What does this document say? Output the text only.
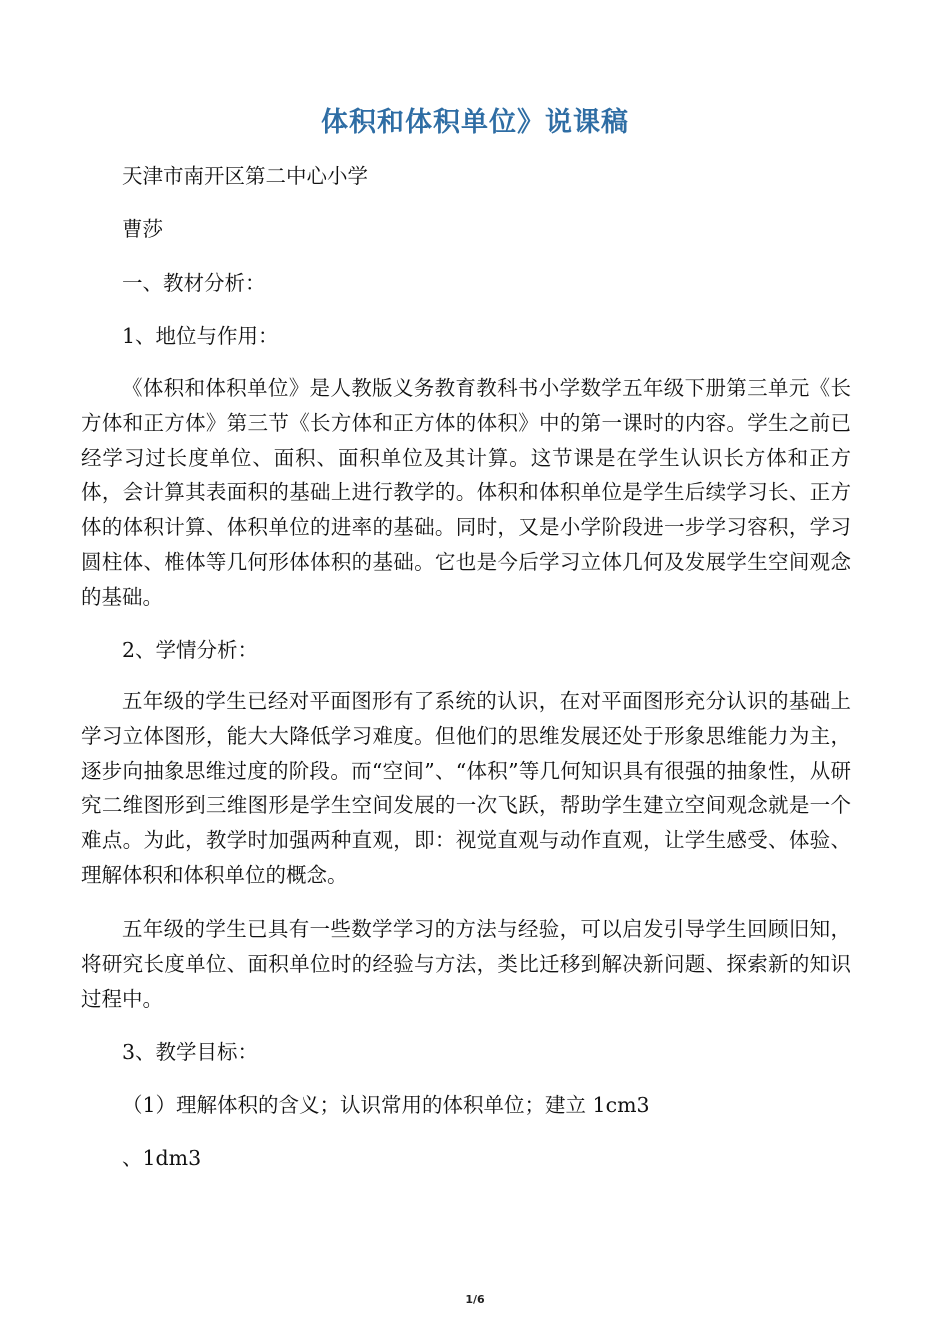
体积和体积单位》说课稿
天津市南开区第二中心小学
曹莎
一、教材分析：
1、地位与作用：

《体积和体积单位》是人教版义务教育教科书小学数学五年级下册第三单元《长方体和正方体》第三节《长方体和正方体的体积》中的第一课时的内容。学生之前已经学习过长度单位、面积、面积单位及其计算。这节课是在学生认识长方体和正方体，会计算其表面积的基础上进行教学的。体积和体积单位是学生后续学习长、正方体的体积计算、体积单位的进率的基础。同时，又是小学阶段进一步学习容积，学习圆柱体、椎体等几何形体体积的基础。它也是今后学习立体几何及发展学生空间观念的基础。

2、学情分析：

五年级的学生已经对平面图形有了系统的认识，在对平面图形充分认识的基础上学习立体图形，能大大降低学习难度。但他们的思维发展还处于形象思维能力为主，逐步向抽象思维过度的阶段。而“空间”、“体积”等几何知识具有很强的抽象性，从研究二维图形到三维图形是学生空间发展的一次飞跃，帮助学生建立空间观念就是一个难点。为此，教学时加强两种直观，即：视觉直观与动作直观，让学生感受、体验、理解体积和体积单位的概念。

五年级的学生已具有一些数学学习的方法与经验，可以启发引导学生回顾旧知，将研究长度单位、面积单位时的经验与方法，类比迁移到解决新问题、探索新的知识过程中。

3、教学目标：
（1）理解体积的含义；认识常用的体积单位；建立 1cm3
、1dm3
1/6
